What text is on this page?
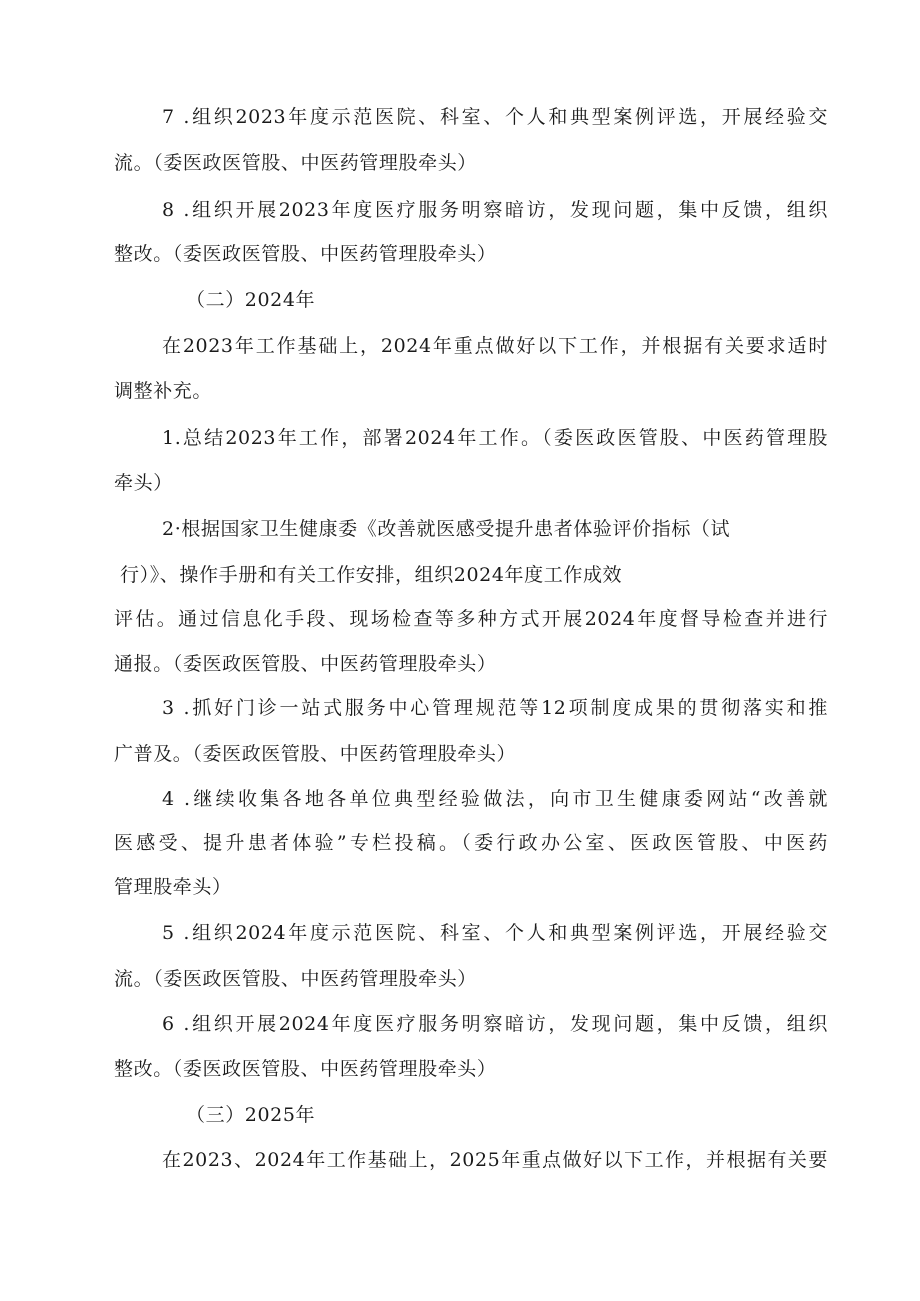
7 .组织2023年度示范医院、科室、个人和典型案例评选，开展经验交
流。（委医政医管股、中医药管理股牵头）
8 .组织开展2023年度医疗服务明察暗访，发现问题，集中反馈，组织
整改。（委医政医管股、中医药管理股牵头）
（二）2024年
在2023年工作基础上，2024年重点做好以下工作，并根据有关要求适时
调整补充。
1.总结2023年工作，部署2024年工作。（委医政医管股、中医药管理股
牵头）
2·根据国家卫生健康委《改善就医感受提升患者体验评价指标（试
行）》、操作手册和有关工作安排，组织2024年度工作成效
评估。通过信息化手段、现场检查等多种方式开展2024年度督导检查并进行
通报。（委医政医管股、中医药管理股牵头）
3 .抓好门诊一站式服务中心管理规范等12项制度成果的贯彻落实和推
广普及。（委医政医管股、中医药管理股牵头）
4 .继续收集各地各单位典型经验做法，向市卫生健康委网站“改善就
医感受、提升患者体验”专栏投稿。（委行政办公室、医政医管股、中医药
管理股牵头）
5 .组织2024年度示范医院、科室、个人和典型案例评选，开展经验交
流。（委医政医管股、中医药管理股牵头）
6 .组织开展2024年度医疗服务明察暗访，发现问题，集中反馈，组织
整改。（委医政医管股、中医药管理股牵头）
（三）2025年
在2023、2024年工作基础上，2025年重点做好以下工作，并根据有关要
